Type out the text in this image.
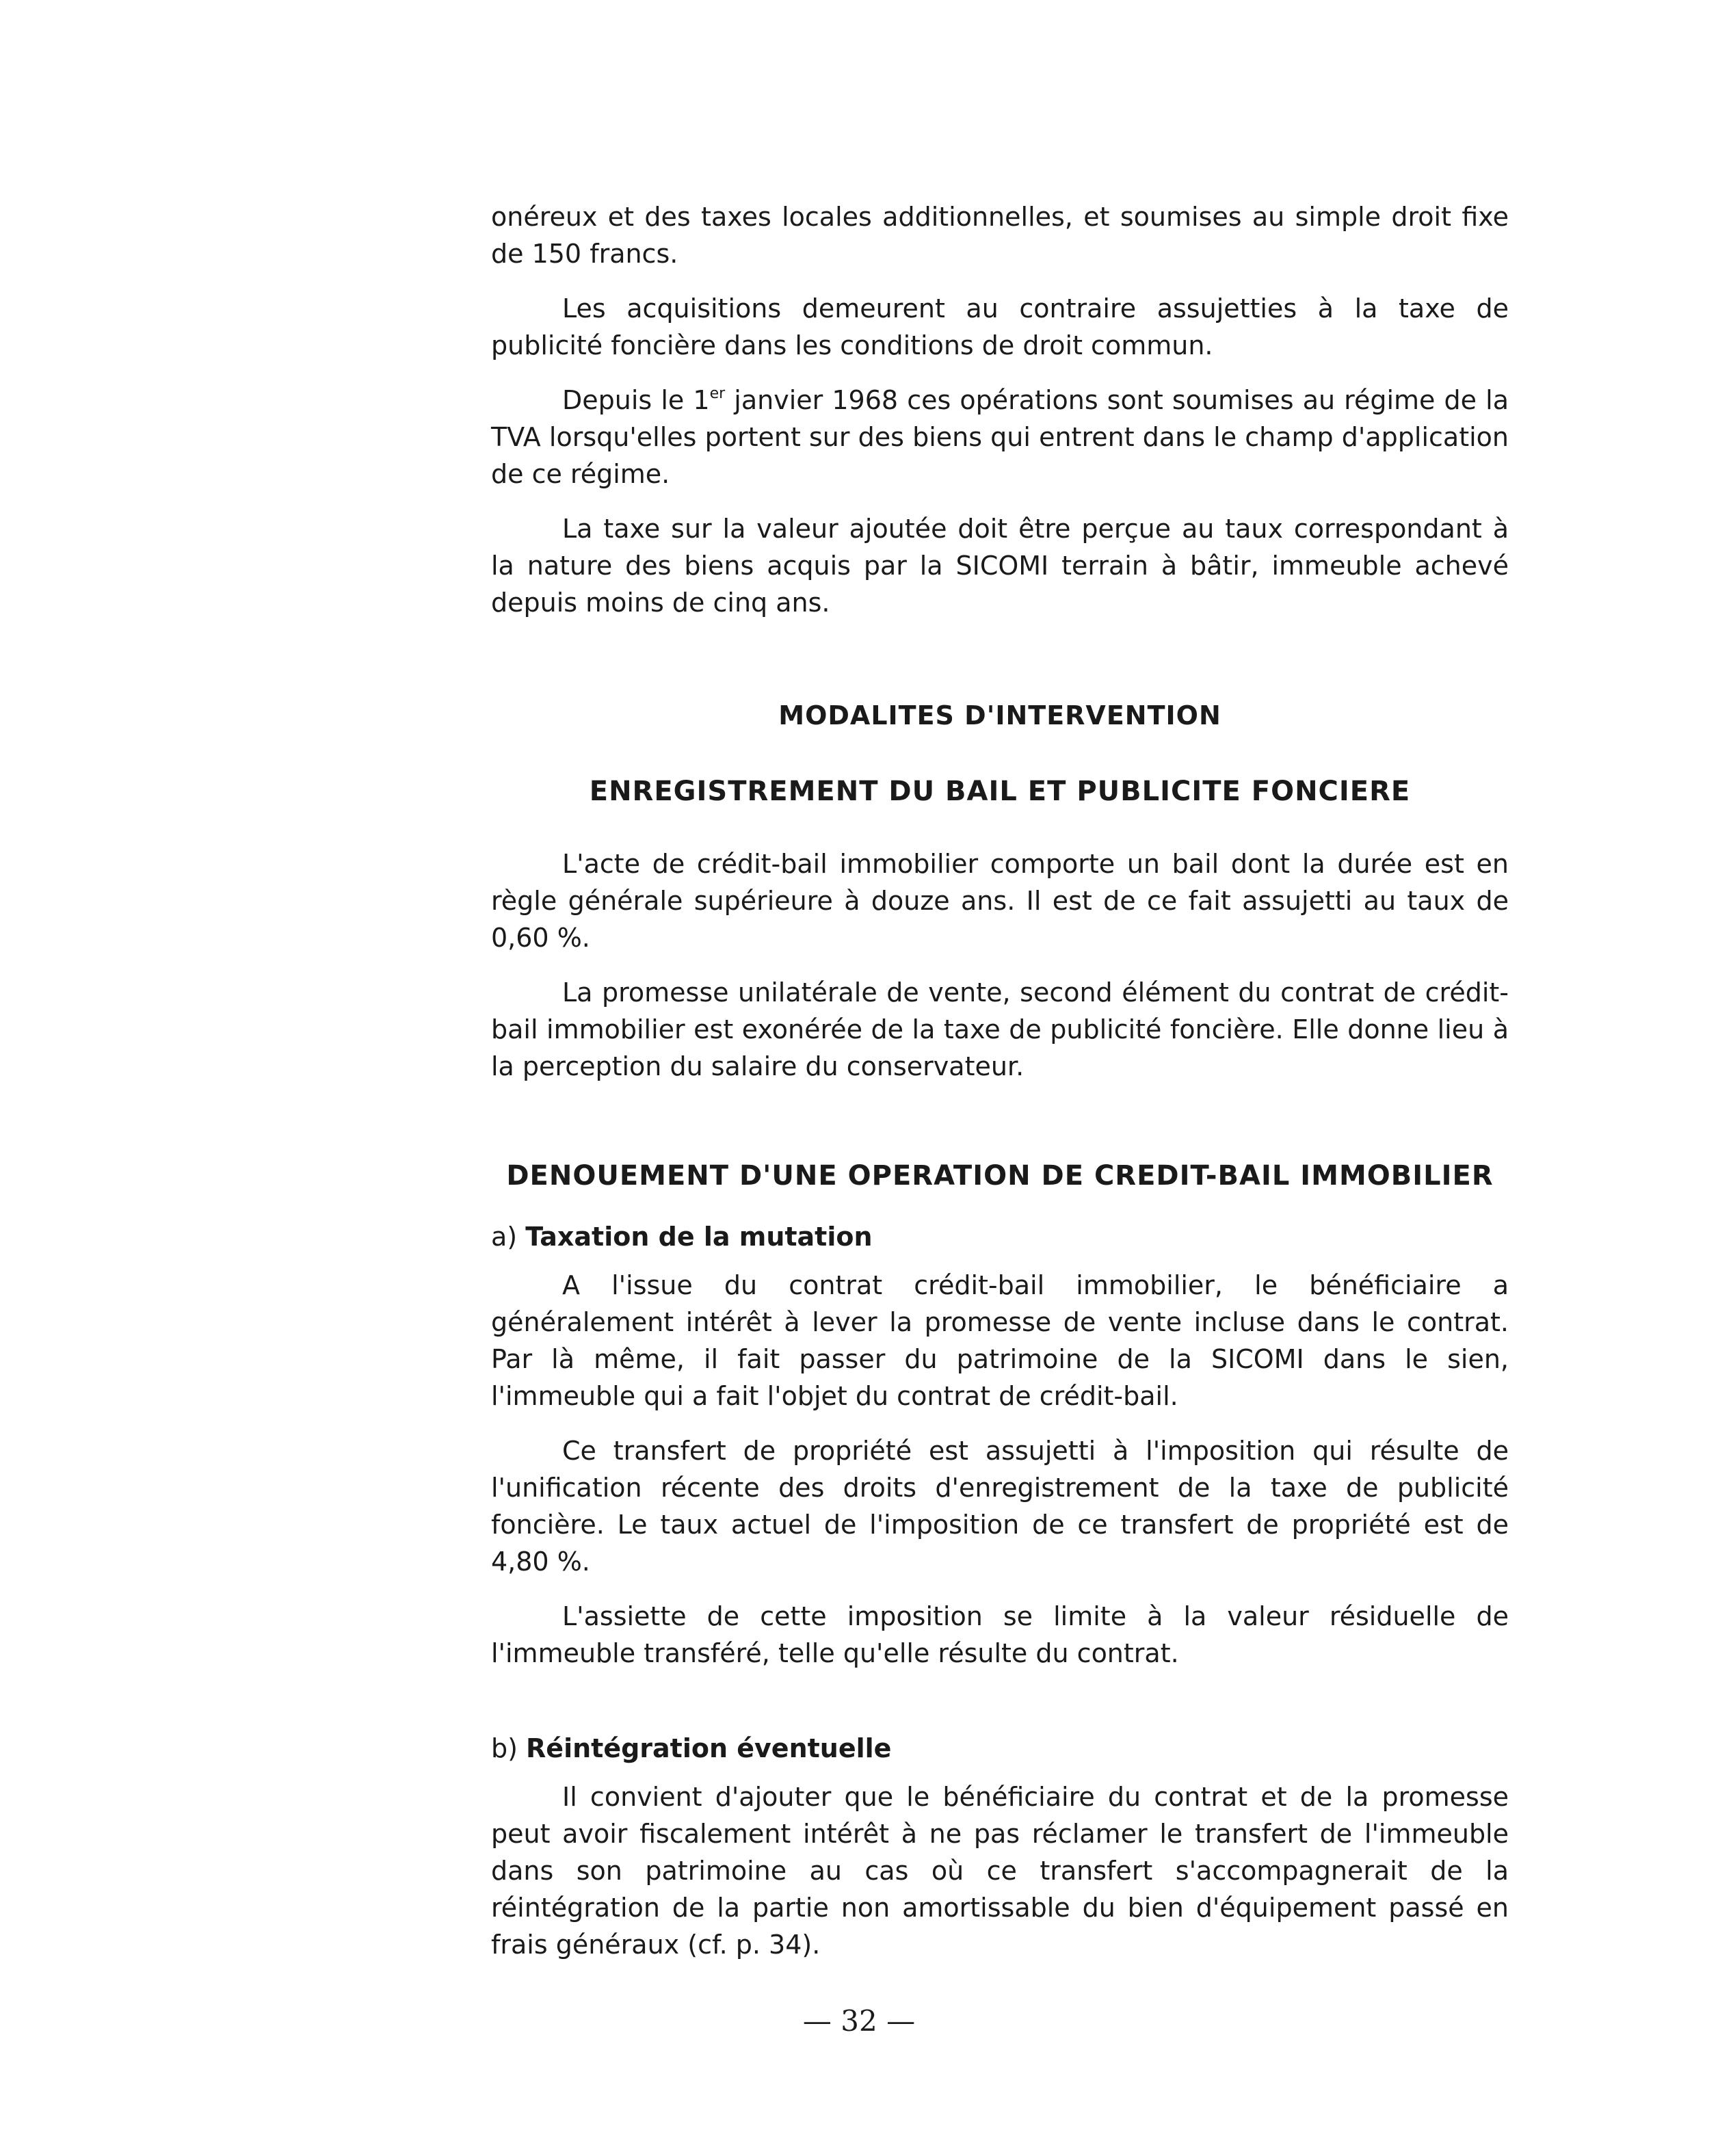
onéreux et des taxes locales additionnelles, et soumises au simple droit fixe de 150 francs.

Les acquisitions demeurent au contraire assujetties à la taxe de publicité foncière dans les conditions de droit commun.

Depuis le 1er janvier 1968 ces opérations sont soumises au régime de la TVA lorsqu'elles portent sur des biens qui entrent dans le champ d'application de ce régime.

La taxe sur la valeur ajoutée doit être perçue au taux correspondant à la nature des biens acquis par la SICOMI terrain à bâtir, immeuble achevé depuis moins de cinq ans.

MODALITES D'INTERVENTION
ENREGISTREMENT DU BAIL ET PUBLICITE FONCIERE

L'acte de crédit-bail immobilier comporte un bail dont la durée est en règle générale supérieure à douze ans. Il est de ce fait assujetti au taux de 0,60 %.

La promesse unilatérale de vente, second élément du contrat de crédit-bail immobilier est exonérée de la taxe de publicité foncière. Elle donne lieu à la perception du salaire du conservateur.

DENOUEMENT D'UNE OPERATION DE CREDIT-BAIL IMMOBILIER
a) Taxation de la mutation

A l'issue du contrat crédit-bail immobilier, le bénéficiaire a généralement intérêt à lever la promesse de vente incluse dans le contrat. Par là même, il fait passer du patrimoine de la SICOMI dans le sien, l'immeuble qui a fait l'objet du contrat de crédit-bail.

Ce transfert de propriété est assujetti à l'imposition qui résulte de l'unification récente des droits d'enregistrement de la taxe de publicité foncière. Le taux actuel de l'imposition de ce transfert de propriété est de 4,80 %.

L'assiette de cette imposition se limite à la valeur résiduelle de l'immeuble transféré, telle qu'elle résulte du contrat.

b) Réintégration éventuelle

Il convient d'ajouter que le bénéficiaire du contrat et de la promesse peut avoir fiscalement intérêt à ne pas réclamer le transfert de l'immeuble dans son patrimoine au cas où ce transfert s'accompagnerait de la réintégration de la partie non amortissable du bien d'équipement passé en frais généraux (cf. p. 34).

— 32 —
